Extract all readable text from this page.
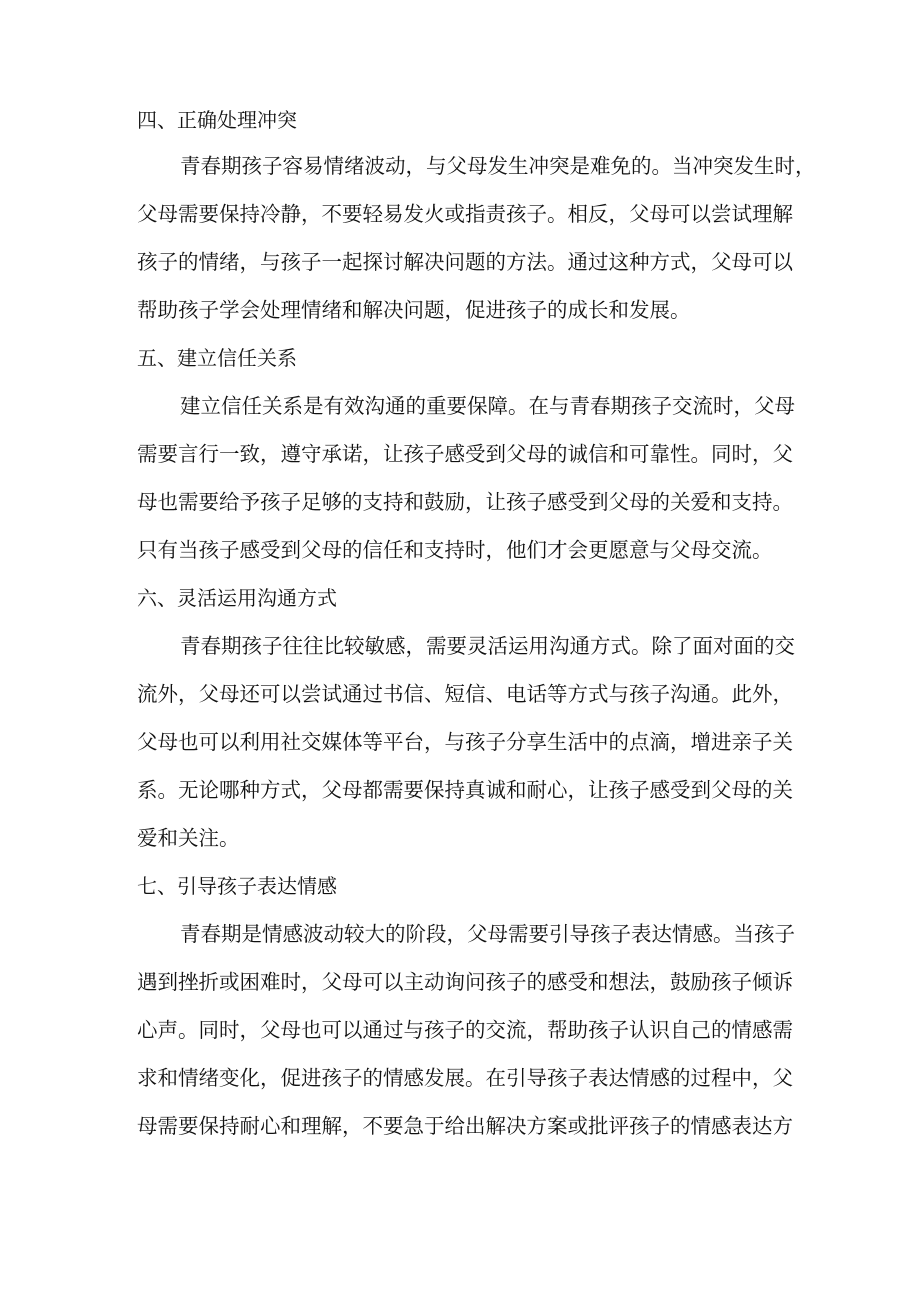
四、正确处理冲突
青春期孩子容易情绪波动，与父母发生冲突是难免的。当冲突发生时，
父母需要保持冷静，不要轻易发火或指责孩子。相反，父母可以尝试理解
孩子的情绪，与孩子一起探讨解决问题的方法。通过这种方式，父母可以
帮助孩子学会处理情绪和解决问题，促进孩子的成长和发展。
五、建立信任关系
建立信任关系是有效沟通的重要保障。在与青春期孩子交流时，父母
需要言行一致，遵守承诺，让孩子感受到父母的诚信和可靠性。同时，父
母也需要给予孩子足够的支持和鼓励，让孩子感受到父母的关爱和支持。
只有当孩子感受到父母的信任和支持时，他们才会更愿意与父母交流。
六、灵活运用沟通方式
青春期孩子往往比较敏感，需要灵活运用沟通方式。除了面对面的交
流外，父母还可以尝试通过书信、短信、电话等方式与孩子沟通。此外，
父母也可以利用社交媒体等平台，与孩子分享生活中的点滴，增进亲子关
系。无论哪种方式，父母都需要保持真诚和耐心，让孩子感受到父母的关
爱和关注。
七、引导孩子表达情感
青春期是情感波动较大的阶段，父母需要引导孩子表达情感。当孩子
遇到挫折或困难时，父母可以主动询问孩子的感受和想法，鼓励孩子倾诉
心声。同时，父母也可以通过与孩子的交流，帮助孩子认识自己的情感需
求和情绪变化，促进孩子的情感发展。在引导孩子表达情感的过程中，父
母需要保持耐心和理解，不要急于给出解决方案或批评孩子的情感表达方
